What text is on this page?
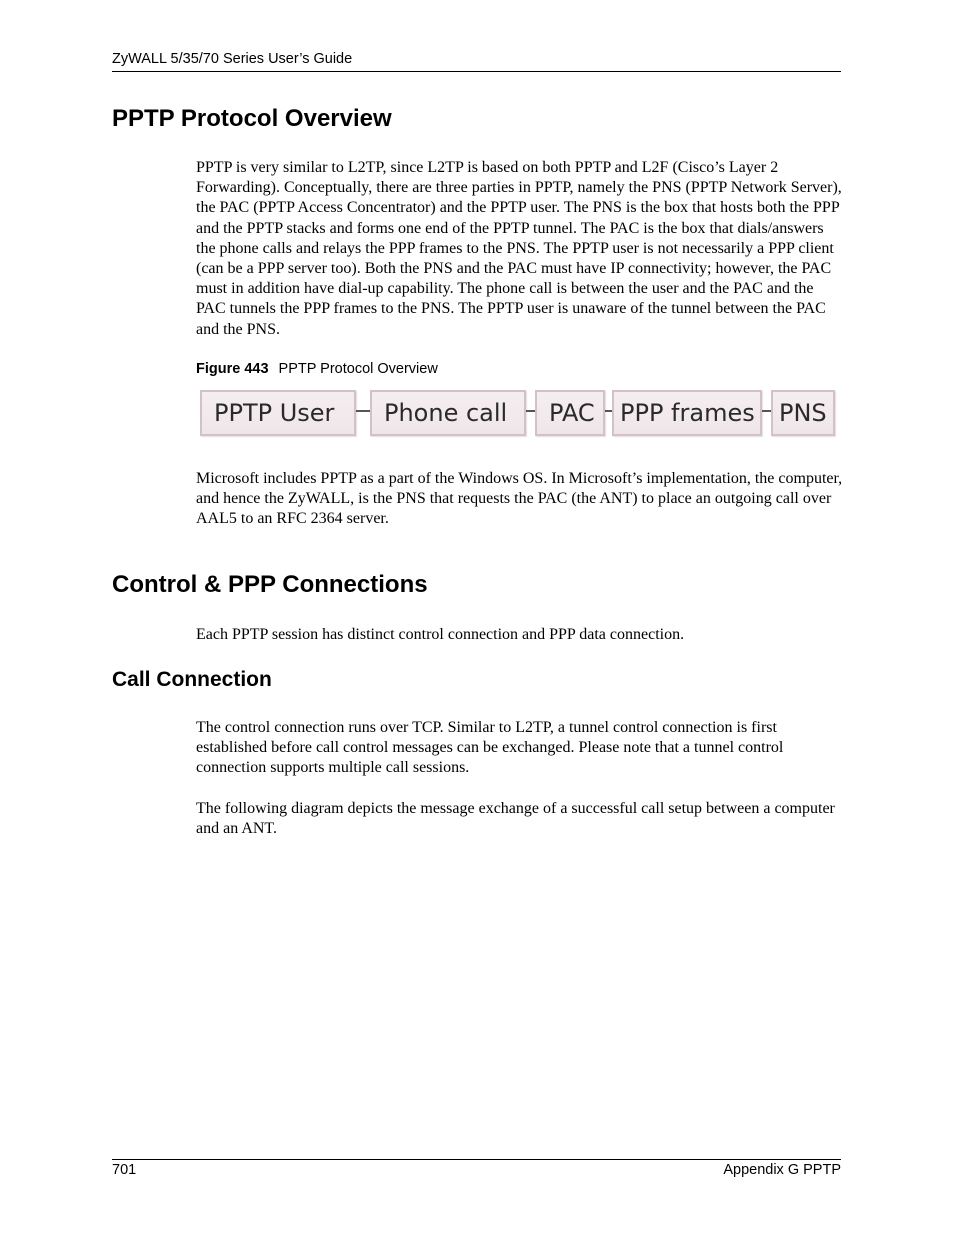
ZyWALL 5/35/70 Series User’s Guide
PPTP Protocol Overview

PPTP is very similar to L2TP, since L2TP is based on both PPTP and L2F (Cisco’s Layer 2 Forwarding). Conceptually, there are three parties in PPTP, namely the PNS (PPTP Network Server), the PAC (PPTP Access Concentrator) and the PPTP user. The PNS is the box that hosts both the PPP and the PPTP stacks and forms one end of the PPTP tunnel. The PAC is the box that dials/answers the phone calls and relays the PPP frames to the PNS. The PPTP user is not necessarily a PPP client (can be a PPP server too). Both the PNS and the PAC must have IP connectivity; however, the PAC must in addition have dial-up capability. The phone call is between the user and the PAC and the PAC tunnels the PPP frames to the PNS. The PPTP user is unaware of the tunnel between the PAC and the PNS.

Figure 443 PPTP Protocol Overview
PPTP User	Phone call	PAC	PPP frames	PNS

Microsoft includes PPTP as a part of the Windows OS. In Microsoft’s implementation, the computer, and hence the ZyWALL, is the PNS that requests the PAC (the ANT) to place an outgoing call over AAL5 to an RFC 2364 server.

Control & PPP Connections

Each PPTP session has distinct control connection and PPP data connection.

Call Connection

The control connection runs over TCP. Similar to L2TP, a tunnel control connection is first established before call control messages can be exchanged. Please note that a tunnel control connection supports multiple call sessions.

The following diagram depicts the message exchange of a successful call setup between a computer and an ANT.

701	Appendix G PPTP
